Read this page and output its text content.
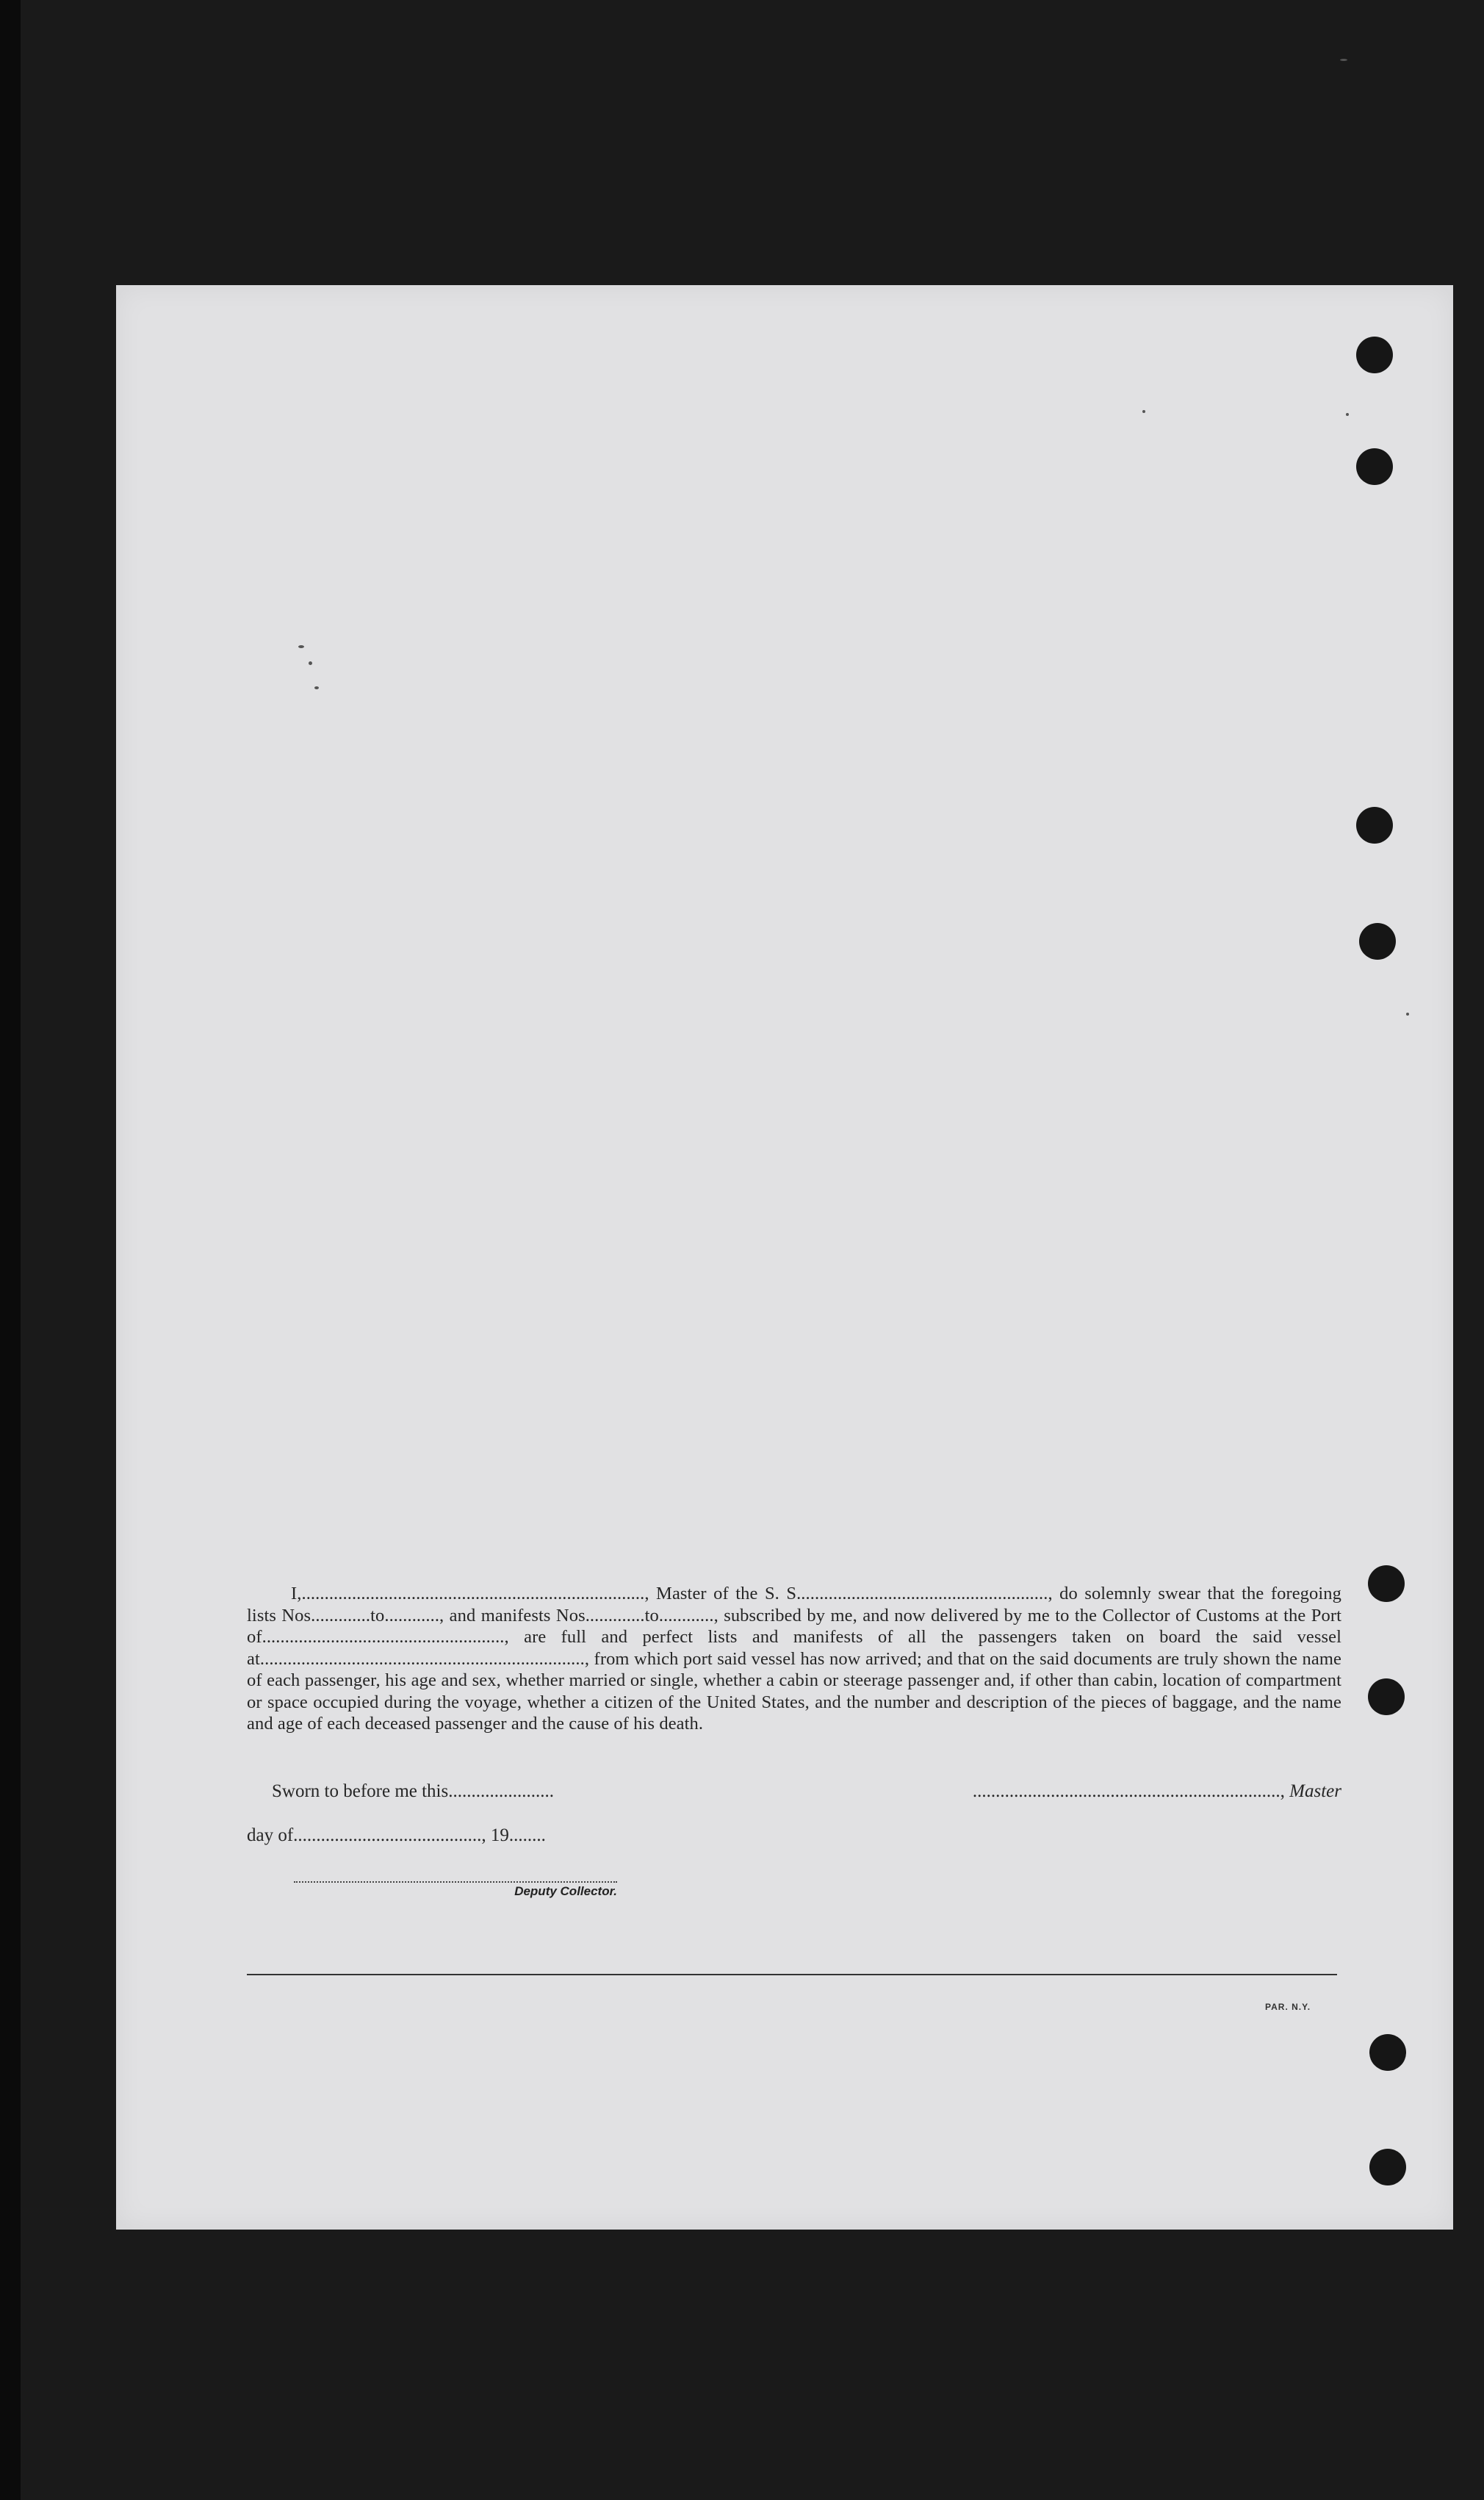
I,..........................................................................., Master of the S. S......................................................., do solemnly swear that the foregoing lists Nos.............to............, and manifests Nos.............to............, subscribed by me, and now delivered by me to the Collector of Customs at the Port of....................................................., are full and perfect lists and manifests of all the passengers taken on board the said vessel at......................................................................., from which port said vessel has now arrived; and that on the said documents are truly shown the name of each passenger, his age and sex, whether married or single, whether a cabin or steerage passenger and, if other than cabin, location of compartment or space occupied during the voyage, whether a citizen of the United States, and the number and description of the pieces of baggage, and the name and age of each deceased passenger and the cause of his death.
Sworn to before me this.......................	..................................................................., Master
day of........................................., 19........
Deputy Collector.
PAR. N.Y.
